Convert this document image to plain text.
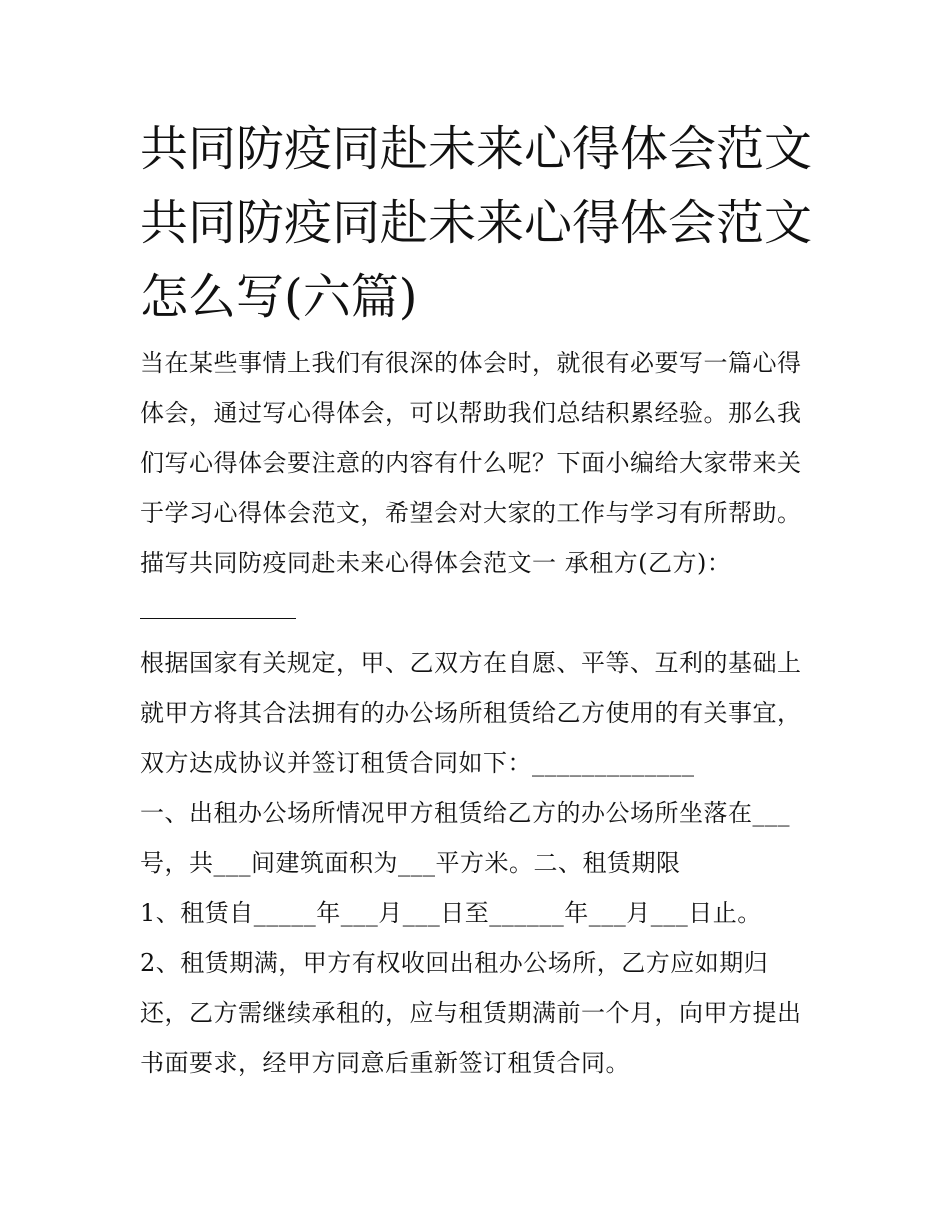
共同防疫同赴未来心得体会范文 共同防疫同赴未来心得体会范文怎么写(六篇)

当在某些事情上我们有很深的体会时，就很有必要写一篇心得体会，通过写心得体会，可以帮助我们总结积累经验。那么我们写心得体会要注意的内容有什么呢？下面小编给大家带来关于学习心得体会范文，希望会对大家的工作与学习有所帮助。

描写共同防疫同赴未来心得体会范文一 承租方(乙方)：

根据国家有关规定，甲、乙双方在自愿、平等、互利的基础上就甲方将其合法拥有的办公场所租赁给乙方使用的有关事宜，双方达成协议并签订租赁合同如下：_____________

一、出租办公场所情况甲方租赁给乙方的办公场所坐落在___号，共___间建筑面积为___平方米。二、租赁期限

1、租赁自_____年___月___日至______年___月___日止。

2、租赁期满，甲方有权收回出租办公场所，乙方应如期归还，乙方需继续承租的，应与租赁期满前一个月，向甲方提出书面要求，经甲方同意后重新签订租赁合同。
